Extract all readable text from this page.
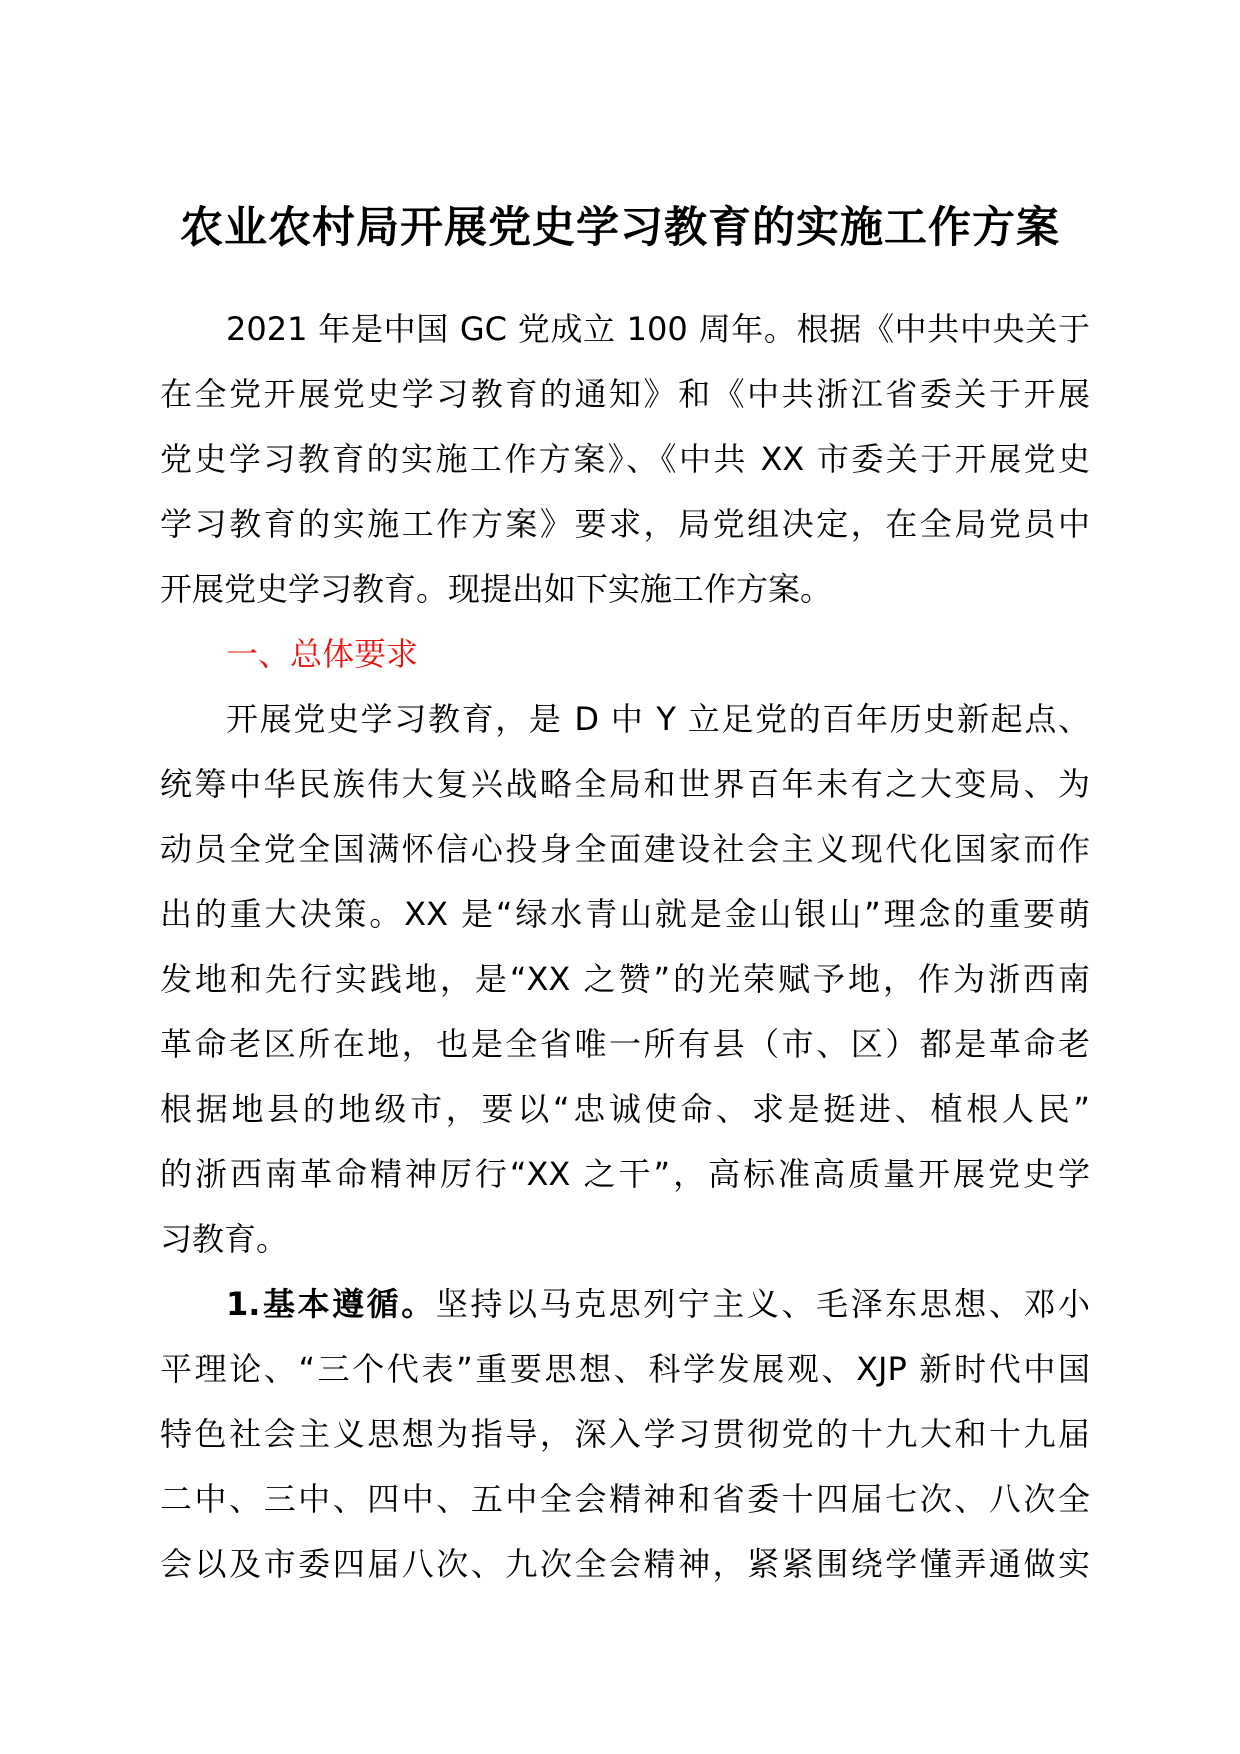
农业农村局开展党史学习教育的实施工作方案
2021 年是中国 GC 党成立 100 周年。根据《中共中央关于
在全党开展党史学习教育的通知》和《中共浙江省委关于开展
党史学习教育的实施工作方案》、《中共 XX 市委关于开展党史
学习教育的实施工作方案》要求，局党组决定，在全局党员中
开展党史学习教育。现提出如下实施工作方案。
一、总体要求
开展党史学习教育，是 D 中 Y 立足党的百年历史新起点、
统筹中华民族伟大复兴战略全局和世界百年未有之大变局、为
动员全党全国满怀信心投身全面建设社会主义现代化国家而作
出的重大决策。XX 是“绿水青山就是金山银山”理念的重要萌
发地和先行实践地，是“XX 之赞”的光荣赋予地，作为浙西南
革命老区所在地，也是全省唯一所有县（市、区）都是革命老
根据地县的地级市，要以“忠诚使命、求是挺进、植根人民”
的浙西南革命精神厉行“XX 之干”，高标准高质量开展党史学
习教育。
1.基本遵循。坚持以马克思列宁主义、毛泽东思想、邓小
平理论、“三个代表”重要思想、科学发展观、XJP 新时代中国
特色社会主义思想为指导，深入学习贯彻党的十九大和十九届
二中、三中、四中、五中全会精神和省委十四届七次、八次全
会以及市委四届八次、九次全会精神，紧紧围绕学懂弄通做实
